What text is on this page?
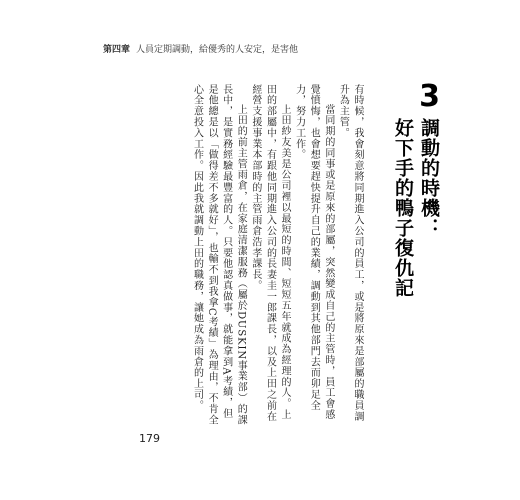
第四章 人員定期調動，給優秀的人安定，是害他
3
調動的時機：
好下手的鴨子復仇記

有時候，我會刻意將同期進入公司的員工，或是將原來是部屬的職員調升為主管。

當同期的同事或是原來的部屬，突然變成自己的主管時，員工會感覺憤悔，也會想要趕快提升自己的業績，調動到其他部門去而卯足全力，努力工作。

上田紗友美是公司裡以最短的時間、短短五年就成為經理的人。上田的部屬中，有跟他同期進入公司的長妻圭一郎課長，以及上田之前在經營支援事業本部時的主管雨倉浩孝課長。

上田的前主管雨倉，在家庭清潔服務（屬於DUSKIN事業部）的課長中，是實務經驗最豐富的人。只要他認真做事，就能拿到A考績，但是他總是以「做得差不多就好」，也輸不到我拿C考績」為理由，不肯全心全意投入工作。因此我就調動上田的職務，讓她成為雨倉的上司。

179
